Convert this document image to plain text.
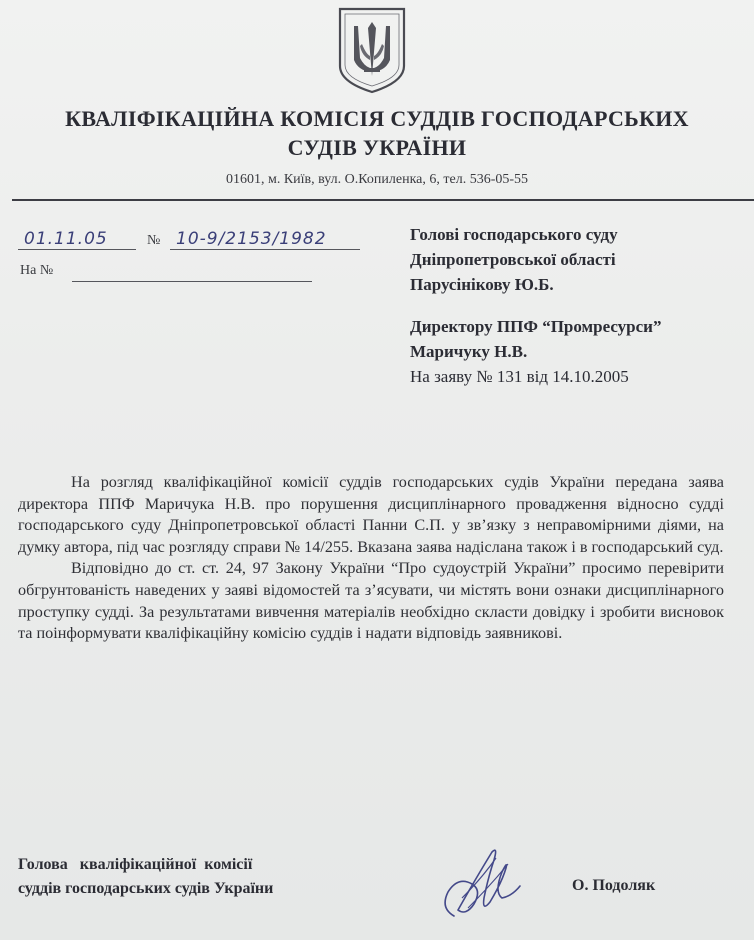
КВАЛІФІКАЦІЙНА КОМІСІЯ СУДДІВ ГОСПОДАРСЬКИХ
СУДІВ УКРАЇНИ
01601, м. Київ, вул. О.Копиленка, 6, тел. 536-05-55
01.11.05	№ 10-9/2153/1982
На №
Голові господарського суду
Дніпропетровської області
Парусінікову Ю.Б.
Директору ППФ “Промресурси”
Маричуку Н.В.
На заяву № 131 від 14.10.2005

На розгляд кваліфікаційної комісії суддів господарських судів України передана заява директора ППФ Маричука Н.В. про порушення дисциплінарного провадження відносно судді господарського суду Дніпропетровської області Панни С.П. у зв’язку з неправомірними діями, на думку автора, під час розгляду справи № 14/255. Вказана заява надіслана також і в господарський суд.

Відповідно до ст. ст. 24, 97 Закону України “Про судоустрій України” просимо перевірити обгрунтованість наведених у заяві відомостей та з’ясувати, чи містять вони ознаки дисциплінарного проступку судді. За результатами вивчення матеріалів необхідно скласти довідку і зробити висновок та поінформувати кваліфікаційну комісію суддів і надати відповідь заявникові.

Голова   кваліфікаційної  комісії
суддів господарських судів України	О. Подоляк
